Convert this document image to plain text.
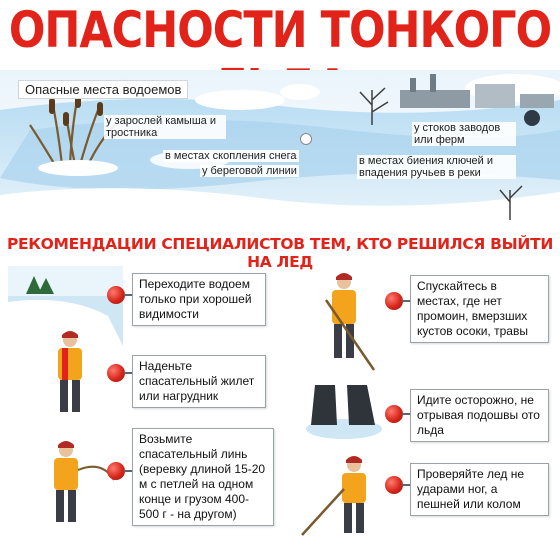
ОПАСНОСТИ ТОНКОГО
Опасные места водоемов
у зарослей камыша и тростника
в местах скопления снега
у береговой линии
у стоков заводов или ферм
в местах биения ключей и впадения ручьев в реки
РЕКОМЕНДАЦИИ СПЕЦИАЛИСТОВ ТЕМ, КТО РЕШИЛСЯ ВЫЙТИ НА ЛЕД
Переходите водоем только при хорошей видимости
Наденьте спасательный жилет или нагрудник
Возьмите спасательный линь (веревку длиной 15-20 м с петлей на одном конце и грузом 400-500 г - на другом)
Спускайтесь в местах, где нет промоин, вмерзших кустов осоки, травы
Идите осторожно, не отрывая подошвы ото льда
Проверяйте лед не ударами ног, а пешней или колом
